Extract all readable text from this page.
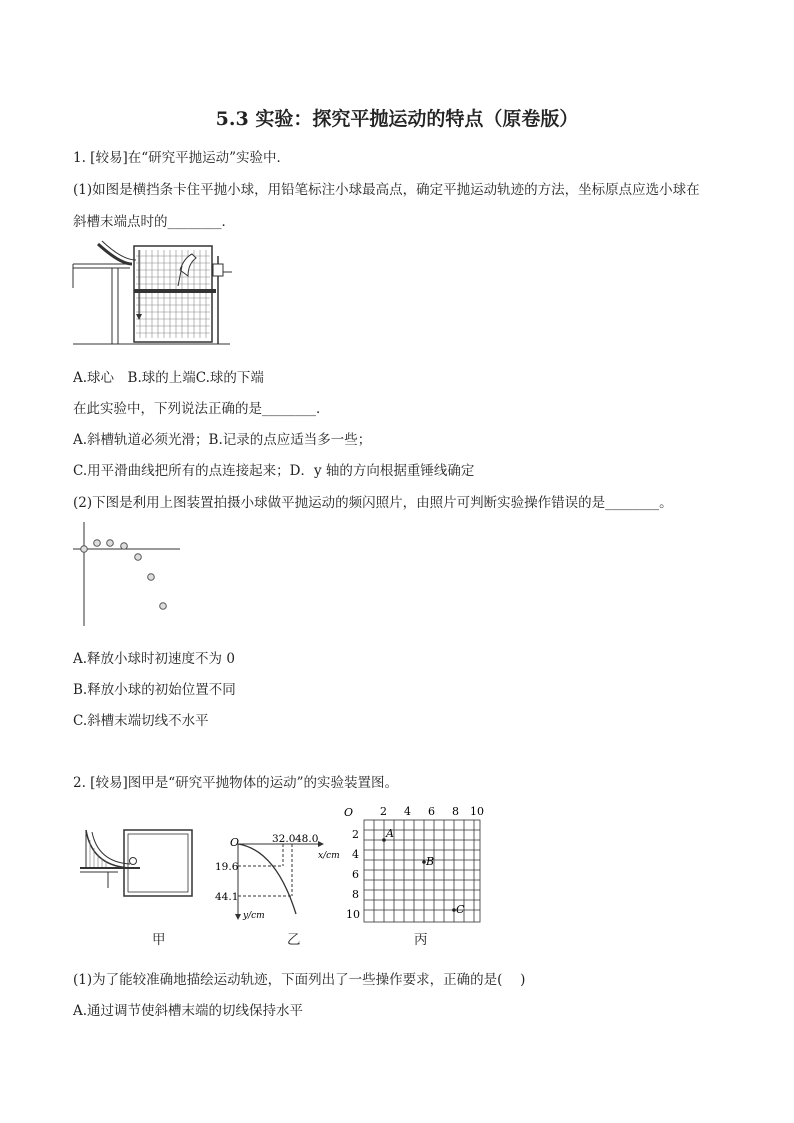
5.3 实验：探究平抛运动的特点（原卷版）
1. [较易]在“研究平抛运动”实验中．
(1)如图是横挡条卡住平抛小球，用铅笔标注小球最高点，确定平抛运动轨迹的方法，坐标原点应选小球在
斜槽末端点时的________．
A.球心　B.球的上端C.球的下端
在此实验中，下列说法正确的是________．
A.斜槽轨道必须光滑；B.记录的点应适当多一些；
C.用平滑曲线把所有的点连接起来；D．y 轴的方向根据重锤线确定
(2)下图是利用上图装置拍摄小球做平抛运动的频闪照片，由照片可判断实验操作错误的是________。
A.释放小球时初速度不为 0
B.释放小球的初始位置不同
C.斜槽末端切线不水平
2. [较易]图甲是“研究平抛物体的运动”的实验装置图。
甲
O	32.0 48.0
19.6
44.1
x/cm
y/cm
乙
O 2 4 6 8 10
2
4
6
8
10
A
B
C
丙
(1)为了能较准确地描绘运动轨迹，下面列出了一些操作要求，正确的是(　 )
A.通过调节使斜槽末端的切线保持水平
